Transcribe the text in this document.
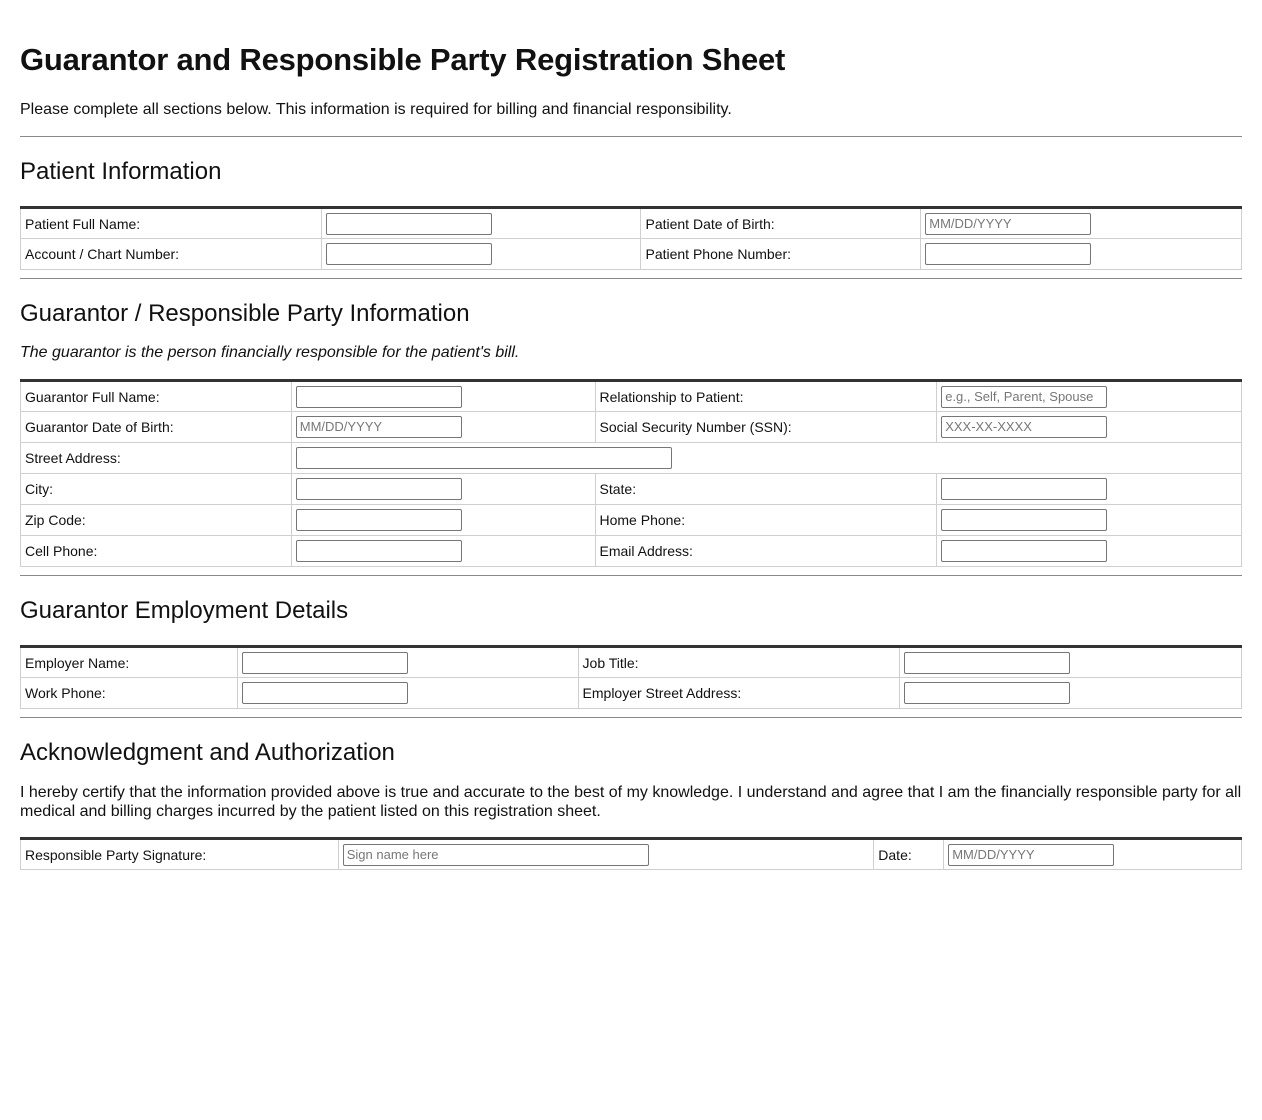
Guarantor and Responsible Party Registration Sheet

Please complete all sections below. This information is required for billing and financial responsibility.

Patient Information
Patient Full Name:		Patient Date of Birth:	MM/DD/YYYY
Account / Chart Number:		Patient Phone Number:	
Guarantor / Responsible Party Information

The guarantor is the person financially responsible for the patient's bill.

Guarantor Full Name:		Relationship to Patient:	e.g., Self, Parent, Spouse
Guarantor Date of Birth:	MM/DD/YYYY	Social Security Number (SSN):	XXX-XX-XXXX
Street Address:			
City:		State:	
Zip Code:		Home Phone:	
Cell Phone:		Email Address:	
Guarantor Employment Details
Employer Name:		Job Title:	
Work Phone:		Employer Street Address:	
Acknowledgment and Authorization

I hereby certify that the information provided above is true and accurate to the best of my knowledge. I understand and agree that I am the financially responsible party for all medical and billing charges incurred by the patient listed on this registration sheet.

Responsible Party Signature:	Sign name here	Date:	MM/DD/YYYY
